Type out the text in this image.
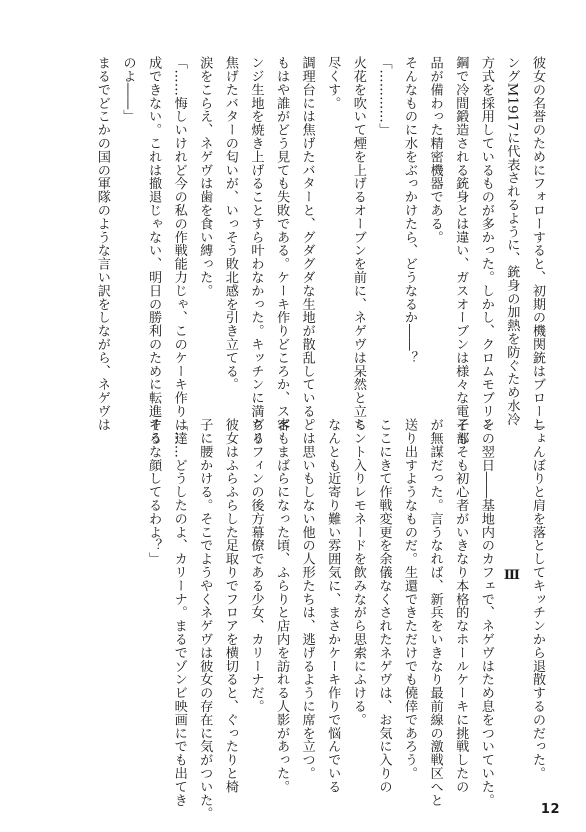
彼女の名誉のためにフォローすると、初期の機関銃はブローニ
ングM1917に代表されるように、銃身の加熱を防ぐため水冷
方式を採用しているものが多かった。しかし、クロムモブリン
鋼で冷間鍛造される銃身とは違い、ガスオーブンは様々な電子部
品が備わった精密機器である。
そんなものに水をぶっかけたら、どうなるか――？
「…………」
火花を吹いて煙を上げるオーブンを前に、ネゲヴは呆然と立ち
尽くす。
調理台には焦げたバターと、グダグダな生地が散乱している。
もはや誰がどう見ても失敗である。ケーキ作りどころか、スポ
ンジ生地を焼き上げることすら叶わなかった。キッチンに満ちる
焦げたバターの匂いが、いっそう敗北感を引き立てる。
涙をこらえ、ネゲヴは歯を食い縛った。
「……悔しいけれど今の私の作戦能力じゃ、このケーキ作りは達
成できない。これは撤退じゃない、明日の勝利のために転進する
のよ――」
まるでどこかの国の軍隊のような言い訳をしながら、ネゲヴは
しょんぼりと肩を落としてキッチンから退散するのだった。
Ⅲ
その翌日――基地内のカフェで、ネゲヴはため息をついていた。
そもそも初心者がいきなり本格的なホールケーキに挑戦したの
が無謀だった。言うなれば、新兵をいきなり最前線の激戦区へと
送り出すようなものだ。生還できただけでも僥倖であろう。
ここにきて作戦変更を余儀なくされたネゲヴは、お気に入りの
ミント入りレモネードを飲みながら思索にふける。
なんとも近寄り難い雰囲気に、まさかケーキ作りで悩んでいる
とは思いもしない他の人形たちは、逃げるように席を立つ。
客もまばらになった頃、ふらりと店内を訪れる人影があった。
グリフィンの後方幕僚である少女、カリーナだ。
彼女はふらふらした足取りでフロアを横切ると、ぐったりと椅
子に腰かける。そこでようやくネゲヴは彼女の存在に気がついた。
「……どうしたのよ、カリーナ。まるでゾンビ映画にでも出てき
そうな顔してるわよ？」
12
